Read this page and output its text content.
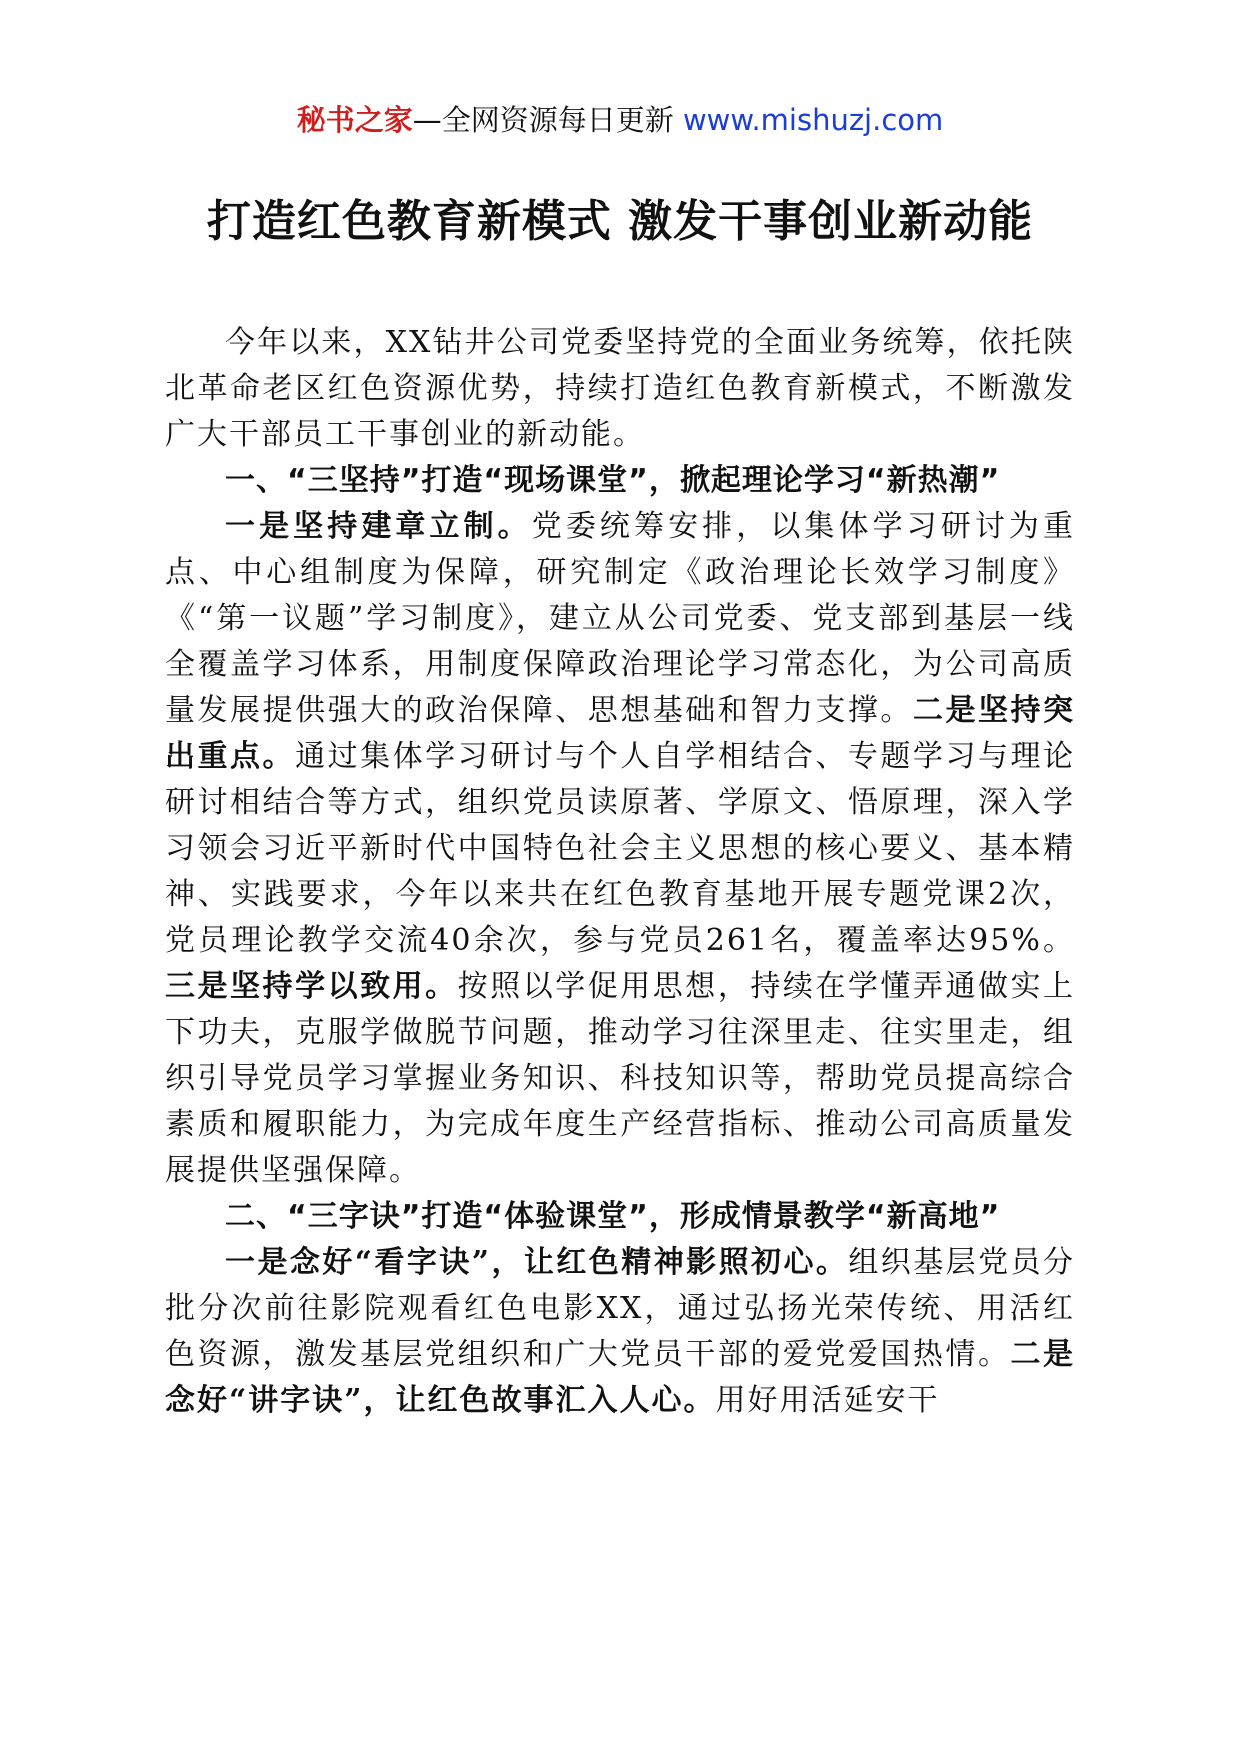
秘书之家—全网资源每日更新 www.mishuzj.com
打造红色教育新模式 激发干事创业新动能

今年以来，XX钻井公司党委坚持党的全面业务统筹，依托陕北革命老区红色资源优势，持续打造红色教育新模式，不断激发广大干部员工干事创业的新动能。

一、“三坚持”打造“现场课堂”，掀起理论学习“新热潮”

一是坚持建章立制。党委统筹安排，以集体学习研讨为重点、中心组制度为保障，研究制定《政治理论长效学习制度》《“第一议题”学习制度》，建立从公司党委、党支部到基层一线全覆盖学习体系，用制度保障政治理论学习常态化，为公司高质量发展提供强大的政治保障、思想基础和智力支撑。二是坚持突出重点。通过集体学习研讨与个人自学相结合、专题学习与理论研讨相结合等方式，组织党员读原著、学原文、悟原理，深入学习领会习近平新时代中国特色社会主义思想的核心要义、基本精神、实践要求，今年以来共在红色教育基地开展专题党课2次，党员理论教学交流40余次，参与党员261名，覆盖率达95%。三是坚持学以致用。按照以学促用思想，持续在学懂弄通做实上下功夫，克服学做脱节问题，推动学习往深里走、往实里走，组织引导党员学习掌握业务知识、科技知识等，帮助党员提高综合素质和履职能力，为完成年度生产经营指标、推动公司高质量发展提供坚强保障。

二、“三字诀”打造“体验课堂”，形成情景教学“新高地”

一是念好“看字诀”，让红色精神影照初心。组织基层党员分批分次前往影院观看红色电影XX，通过弘扬光荣传统、用活红色资源，激发基层党组织和广大党员干部的爱党爱国热情。二是念好“讲字诀”，让红色故事汇入人心。用好用活延安干
